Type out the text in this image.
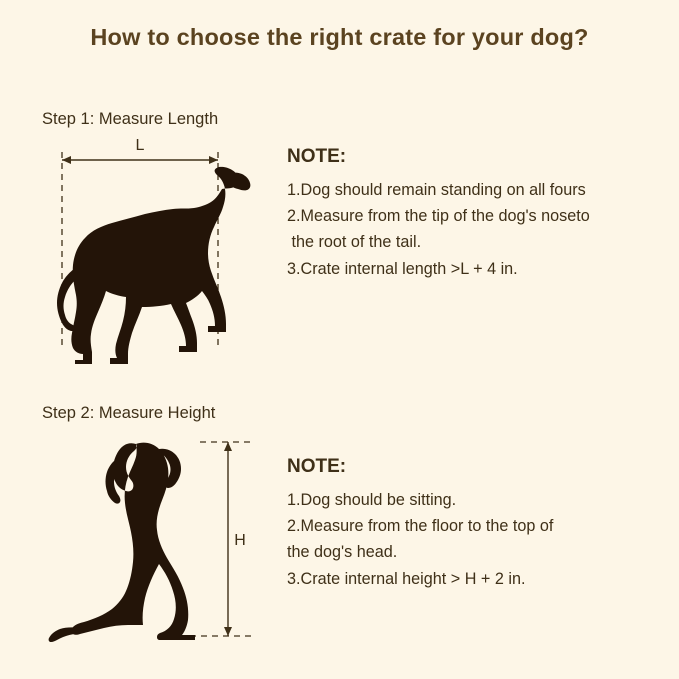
How to choose the right crate for your dog?
Step 1: Measure Length
L
NOTE:
1.Dog should remain standing on all fours
2.Measure from the tip of the dog's noseto
the root of the tail.
3.Crate internal length >L + 4 in.
Step 2: Measure Height
H
NOTE:
1.Dog should be sitting.
2.Measure from the floor to the top of
the dog's head.
3.Crate internal height > H + 2 in.
